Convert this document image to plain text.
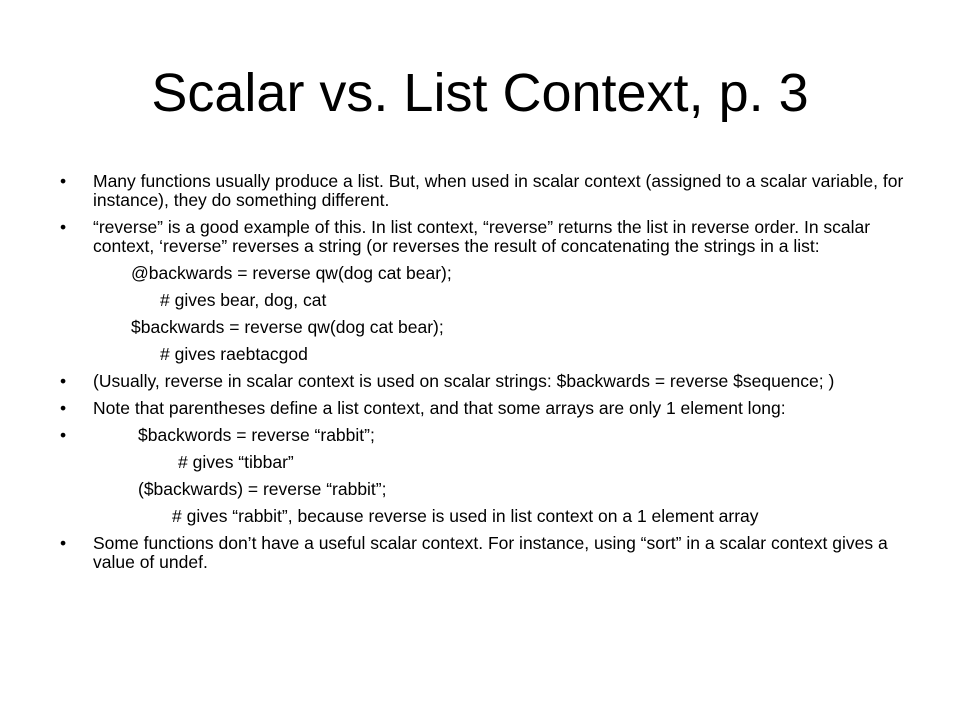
Scalar vs. List Context, p. 3
• Many functions usually produce a list. But, when used in scalar context (assigned to a scalar variable, for instance), they do something different.
• “reverse” is a good example of this. In list context, “reverse” returns the list in reverse order. In scalar context, ‘reverse” reverses a string (or reverses the result of concatenating the strings in a list:
@backwards = reverse qw(dog cat bear);
# gives bear, dog, cat
$backwards = reverse qw(dog cat bear);
# gives raebtacgod
• (Usually, reverse in scalar context is used on scalar strings: $backwards = reverse $sequence; )
• Note that parentheses define a list context, and that some arrays are only 1 element long:
•	$backwords = reverse “rabbit”;
# gives “tibbar”
($backwards) = reverse “rabbit”;
# gives “rabbit”, because reverse is used in list context on a 1 element array
• Some functions don’t have a useful scalar context. For instance, using “sort” in a scalar context gives a value of undef.
